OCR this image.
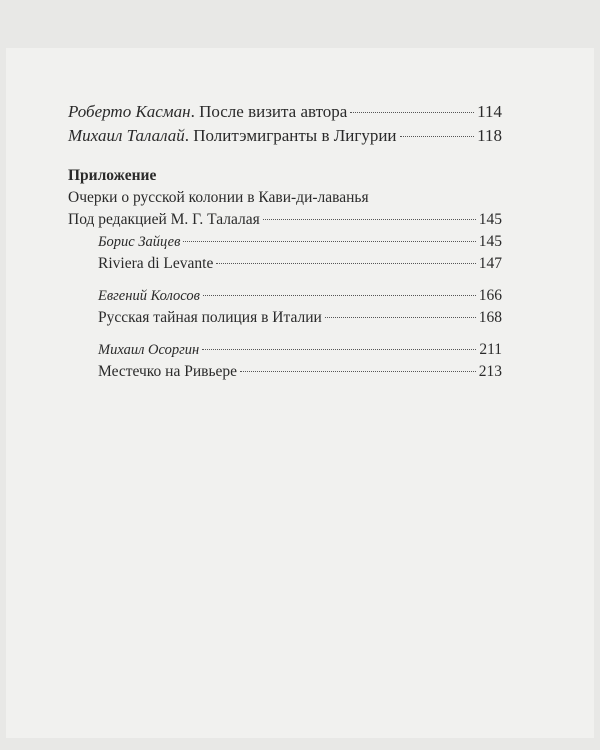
Роберто Касман . После визита автора	114
Михаил Талалай . Политэмигранты в Лигурии	118
Приложение
Очерки о русской колонии в Кави-ди-лаванья
Под редакцией М. Г. Талалая	145
Борис Зайцев	145
Riviera di Levante	147
Евгений Колосов	166
Русская тайная полиция в Италии	168
Михаил Осоргин	211
Местечко на Ривьере	213
